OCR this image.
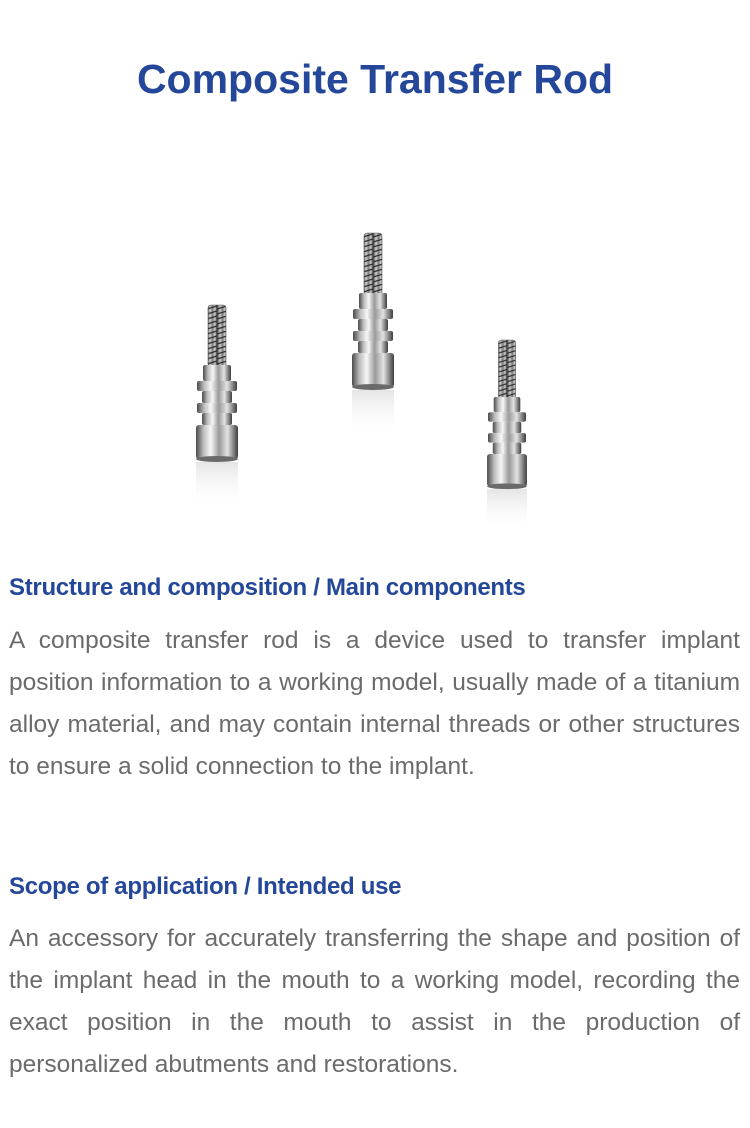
Composite Transfer Rod
Structure and composition / Main components

A composite transfer rod is a device used to transfer implant position information to a working model, usually made of a titanium alloy material, and may contain internal threads or other structures to ensure a solid connection to the implant.

Scope of application / Intended use

An accessory for accurately transferring the shape and position of the implant head in the mouth to a working model, recording the exact position in the mouth to assist in the production of personalized abutments and restorations.
